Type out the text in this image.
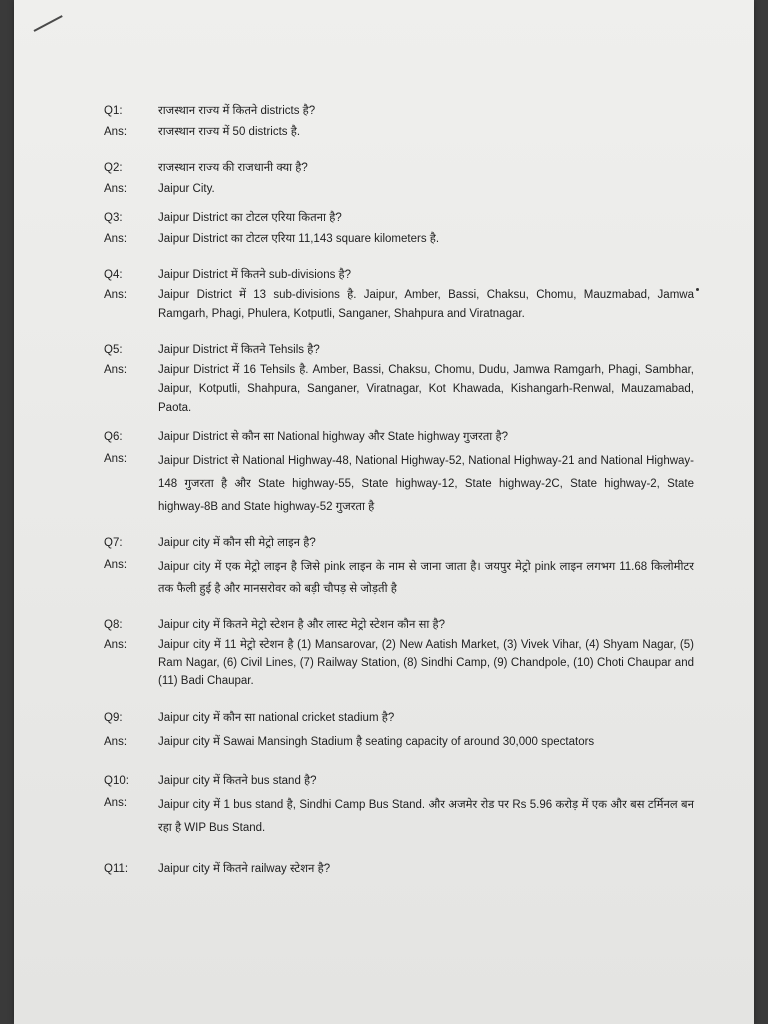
Q1:	राजस्थान राज्य में कितने districts है?
Ans:	राजस्थान राज्य में 50 districts है.
Q2:	राजस्थान राज्य की राजधानी क्या है?
Ans:	Jaipur City.
Q3:	Jaipur District का टोटल एरिया कितना है?
Ans:	Jaipur District का टोटल एरिया 11,143 square kilometers है.
Q4:	Jaipur District में कितने sub-divisions है?
Ans:	Jaipur District में 13 sub-divisions है. Jaipur, Amber, Bassi, Chaksu, Chomu, Mauzmabad, Jamwa Ramgarh, Phagi, Phulera, Kotputli, Sanganer, Shahpura and Viratnagar.
Q5:	Jaipur District में कितने Tehsils है?
Ans:	Jaipur District में 16 Tehsils है. Amber, Bassi, Chaksu, Chomu, Dudu, Jamwa Ramgarh, Phagi, Sambhar, Jaipur, Kotputli, Shahpura, Sanganer, Viratnagar, Kot Khawada, Kishangarh-Renwal, Mauzamabad, Paota.
Q6:	Jaipur District से कौन सा National highway और State highway गुजरता है?
Ans:	Jaipur District से National Highway-48, National Highway-52, National Highway-21 and National Highway-148 गुजरता है और State highway-55, State highway-12, State highway-2C, State highway-2, State highway-8B and State highway-52 गुजरता है
Q7:	Jaipur city में कौन सी मेट्रो लाइन है?
Ans:	Jaipur city में एक मेट्रो लाइन है जिसे pink लाइन के नाम से जाना जाता है। जयपुर मेट्रो pink लाइन लगभग 11.68 किलोमीटर तक फैली हुई है और मानसरोवर को बड़ी चौपड़ से जोड़ती है
Q8:	Jaipur city में कितने मेट्रो स्टेशन है और लास्ट मेट्रो स्टेशन कौन सा है?
Ans:	Jaipur city में 11 मेट्रो स्टेशन है (1) Mansarovar, (2) New Aatish Market, (3) Vivek Vihar, (4) Shyam Nagar, (5) Ram Nagar, (6) Civil Lines, (7) Railway Station, (8) Sindhi Camp, (9) Chandpole, (10) Choti Chaupar and (11) Badi Chaupar.
Q9:	Jaipur city में कौन सा national cricket stadium है?
Ans:	Jaipur city में Sawai Mansingh Stadium है seating capacity of around 30,000 spectators
Q10:	Jaipur city में कितने bus stand है?
Ans:	Jaipur city में 1 bus stand है, Sindhi Camp Bus Stand. और अजमेर रोड पर Rs 5.96 करोड़ में एक और बस टर्मिनल बन रहा है WIP Bus Stand.
Q11:	Jaipur city में कितने railway स्टेशन है?
